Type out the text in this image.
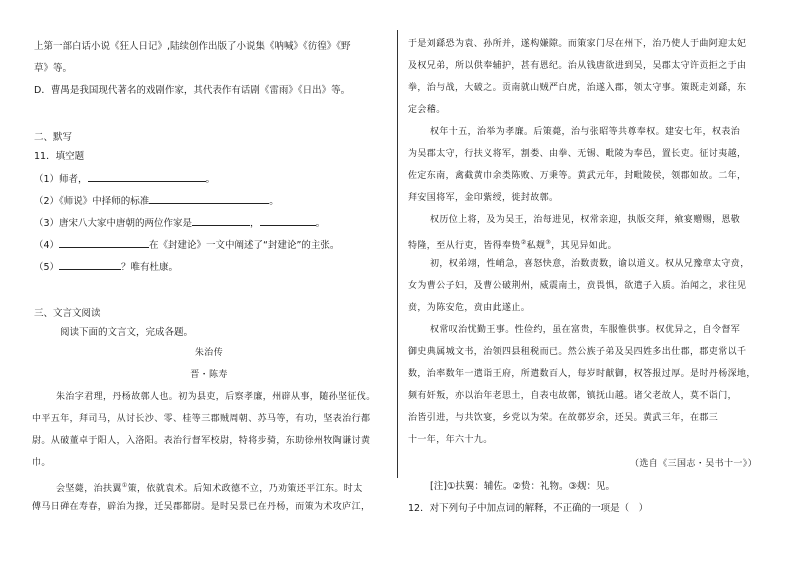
上第一部白话小说《狂人日记》,陆续创作出版了小说集《呐喊》《彷徨》《野
草》等。
D．曹禺是我国现代著名的戏剧作家，其代表作有话剧《雷雨》《日出》等。
二、默写
11．填空题
（1）师者，	。
（2）《师说》中择师的标准	。
（3）唐宋八大家中唐朝的两位作家是	，	。
（4）	在《封建论》一文中阐述了“封建论”的主张。
（5）	？唯有杜康。
三、文言文阅读
阅读下面的文言文，完成各题。
朱治传
晋・陈寿
朱治字君理，丹杨故鄣人也。初为县吏，后察孝廉，州辟从事，随孙坚征伐。
中平五年，拜司马，从讨长沙、零、桂等三郡贼周朝、苏马等，有功，坚表治行都
尉。从破董卓于阳人，入洛阳。表治行督军校尉，特将步骑，东助徐州牧陶谦讨黄
巾。
会坚薨，治扶翼①策，依就袁术。后知术政德不立，乃劝策还平江东。时太
傅马日䃅在寿春，辟治为掾，迁吴郡都尉。是时吴景已在丹杨，而策为术攻庐江，
于是刘繇恐为袁、孙所并，遂构嫌隙。而策家门尽在州下，治乃使人于曲阿迎太妃
及权兄弟，所以供奉辅护，甚有恩纪。治从钱唐欲进到吴，吴郡太守许贡拒之于由
拳，治与战，大破之。贡南就山贼严白虎，治遂入郡，领太守事。策既走刘繇，东
定会稽。
权年十五，治举为孝廉。后策薨，治与张昭等共尊奉权。建安七年，权表治
为吴郡太守，行扶义将军，割娄、由拳、无锡、毗陵为奉邑，置长吏。征讨夷越，
佐定东南，禽截黄巾余类陈败、万秉等。黄武元年，封毗陵侯，领郡如故。二年，
拜安国将军，金印紫绶，徙封故鄣。
权历位上将，及为吴王，治每进见，权常亲迎，执版交拜，飨宴赠赐，恩敬
特隆，至从行吏，皆得奉贽②私觌③，其见异如此。
初，权弟翊，性峭急，喜怒快意，治数责数，谕以道义。权从兄豫章太守贲，
女为曹公子妇，及曹公破荆州，威震南土，贲畏惧，欲遣子入质。治闻之，求往见
贲，为陈安危，贲由此遂止。
权常叹治忧勤王事。性俭约，虽在富贵，车服惟供事。权优异之，自令督军
御史典属城文书，治领四县租税而已。然公族子弟及吴四姓多出仕郡，郡吏常以千
数，治率数年一遣诣王府，所遣数百人，每岁时献御，权答报过厚。是时丹杨深地，
频有奸叛，亦以治年老思土，自表屯故鄣，镇抚山越。诸父老故人，莫不诣门，
治皆引进，与共饮宴，乡党以为荣。在故鄣岁余，还吴。黄武三年，在郡三
十一年，年六十九。
（选自《三国志・吴书十一》）
[注]①扶翼：辅佐。②贽：礼物。③觌：见。
12．对下列句子中加点词的解释，不正确的一项是（　）
